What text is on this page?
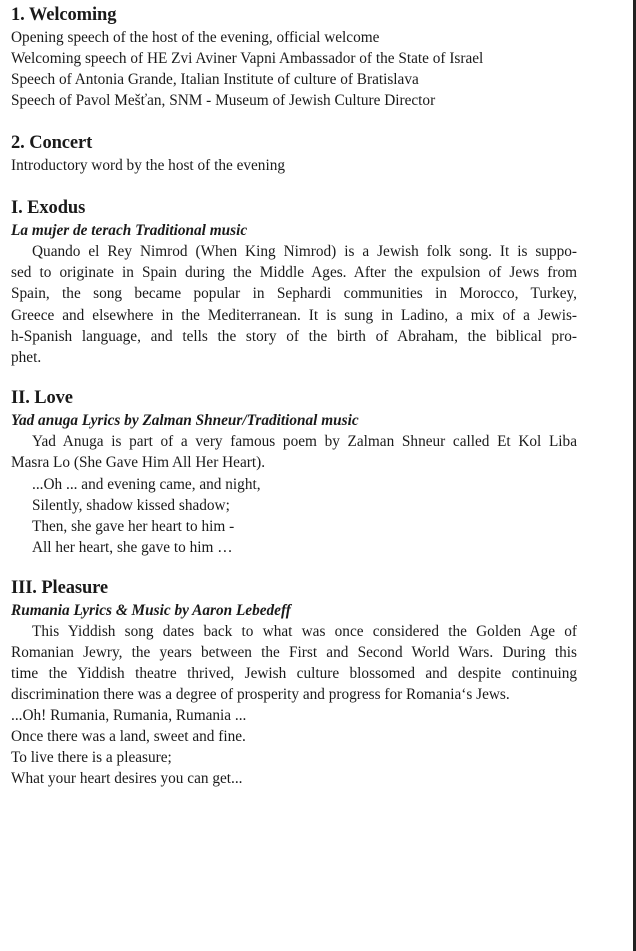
1. Welcoming
Opening speech of the host of the evening, official welcome
Welcoming speech of HE Zvi Aviner Vapni Ambassador of the State of Israel
Speech of Antonia Grande, Italian Institute of culture of Bratislava
Speech of Pavol Mešťan, SNM - Museum of Jewish Culture Director
2. Concert
Introductory word by the host of the evening
I. Exodus
La mujer de terach Traditional music
Quando el Rey Nimrod (When King Nimrod) is a Jewish folk song. It is suppo-
sed to originate in Spain during the Middle Ages. After the expulsion of Jews from
Spain, the song became popular in Sephardi communities in Morocco, Turkey,
Greece and elsewhere in the Mediterranean. It is sung in Ladino, a mix of a Jewis-
h-Spanish language, and tells the story of the birth of Abraham, the biblical pro-
phet.
II. Love
Yad anuga Lyrics by Zalman Shneur/Traditional music
Yad Anuga is part of a very famous poem by Zalman Shneur called Et Kol Liba
Masra Lo (She Gave Him All Her Heart).
...Oh ... and evening came, and night,
Silently, shadow kissed shadow;
Then, she gave her heart to him -
All her heart, she gave to him …
III. Pleasure
Rumania Lyrics & Music by Aaron Lebedeff
This Yiddish song dates back to what was once considered the Golden Age of
Romanian Jewry, the years between the First and Second World Wars. During this
time the Yiddish theatre thrived, Jewish culture blossomed and despite continuing
discrimination there was a degree of prosperity and progress for Romania‘s Jews.
...Oh! Rumania, Rumania, Rumania ...
Once there was a land, sweet and fine.
To live there is a pleasure;
What your heart desires you can get...
